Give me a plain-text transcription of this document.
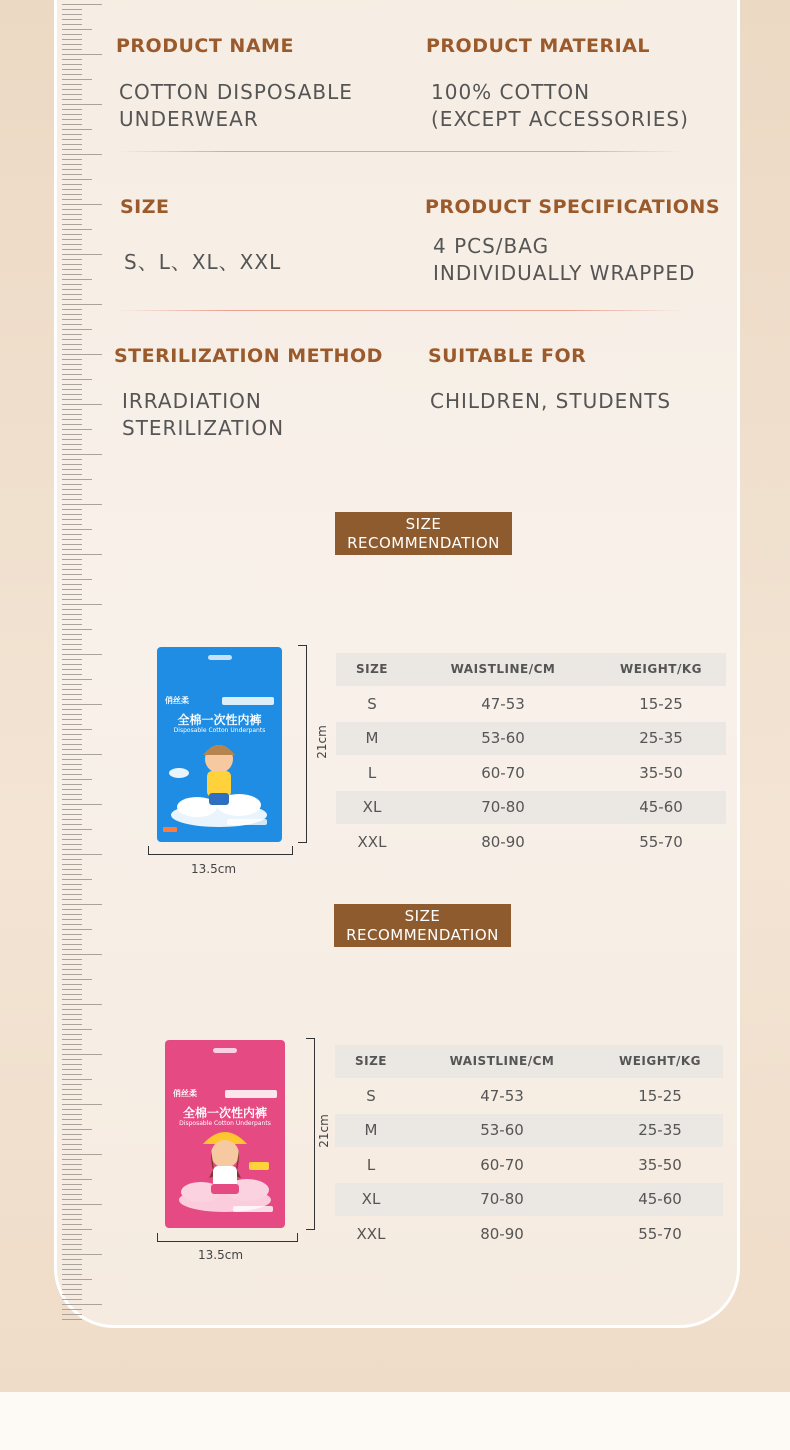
PRODUCT NAME
COTTON DISPOSABLE
UNDERWEAR
PRODUCT MATERIAL
100% COTTON
(EXCEPT ACCESSORIES)
SIZE
S、L、XL、XXL
PRODUCT SPECIFICATIONS
4 PCS/BAG
INDIVIDUALLY WRAPPED
STERILIZATION METHOD
IRRADIATION
STERILIZATION
SUITABLE FOR
CHILDREN, STUDENTS
SIZE
RECOMMENDATION
俏丝柔
全棉一次性内裤
Disposable Cotton Underpants	21cm
13.5cm
SIZE	WAISTLINE/CM	WEIGHT/KG
S	47-53	15-25
M	53-60	25-35
L	60-70	35-50
XL	70-80	45-60
XXL	80-90	55-70
SIZE
RECOMMENDATION
俏丝柔
全棉一次性内裤
Disposable Cotton Underpants	21cm
13.5cm
SIZE	WAISTLINE/CM	WEIGHT/KG
S	47-53	15-25
M	53-60	25-35
L	60-70	35-50
XL	70-80	45-60
XXL	80-90	55-70
